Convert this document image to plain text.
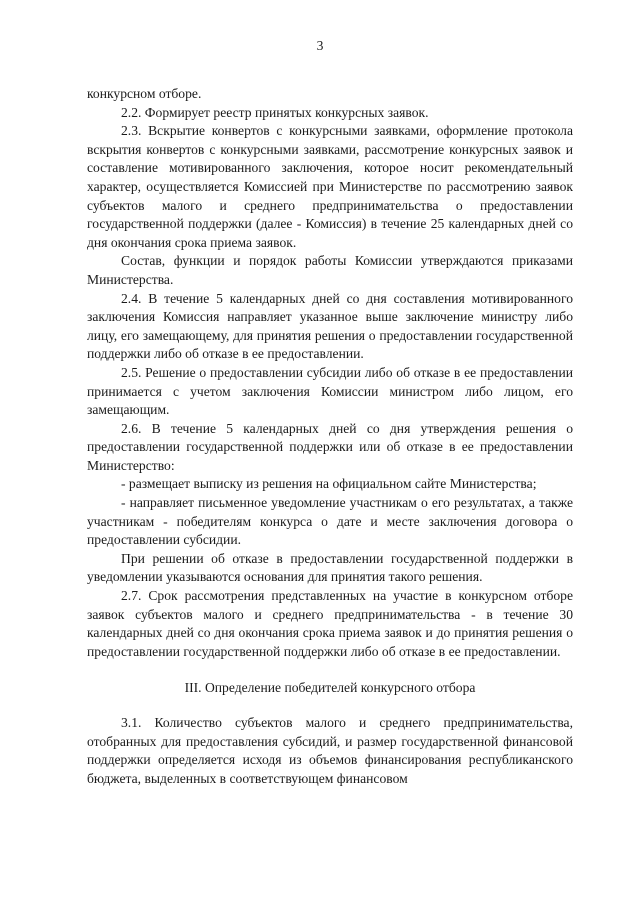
3

конкурсном отборе.

2.2. Формирует реестр принятых конкурсных заявок.

2.3. Вскрытие конвертов с конкурсными заявками, оформление протокола вскрытия конвертов с конкурсными заявками, рассмотрение конкурсных заявок и составление мотивированного заключения, которое носит рекомендательный характер, осуществляется Комиссией при Министерстве по рассмотрению заявок субъектов малого и среднего предпринимательства о предоставлении государственной поддержки (далее - Комиссия) в течение 25 календарных дней со дня окончания срока приема заявок.

Состав, функции и порядок работы Комиссии утверждаются приказами Министерства.

2.4. В течение 5 календарных дней со дня составления мотивированного заключения Комиссия направляет указанное выше заключение министру либо лицу, его замещающему, для принятия решения о предоставлении государственной поддержки либо об отказе в ее предоставлении.

2.5. Решение о предоставлении субсидии либо об отказе в ее предоставлении принимается с учетом заключения Комиссии министром либо лицом, его замещающим.

2.6. В течение 5 календарных дней со дня утверждения решения о предоставлении государственной поддержки или об отказе в ее предоставлении Министерство:

- размещает выписку из решения на официальном сайте Министерства;

- направляет письменное уведомление участникам о его результатах, а также участникам - победителям конкурса о дате и месте заключения договора о предоставлении субсидии.

При решении об отказе в предоставлении государственной поддержки в уведомлении указываются основания для принятия такого решения.

2.7. Срок рассмотрения представленных на участие в конкурсном отборе заявок субъектов малого и среднего предпринимательства - в течение 30 календарных дней со дня окончания срока приема заявок и до принятия решения о предоставлении государственной поддержки либо об отказе в ее предоставлении.

III. Определение победителей конкурсного отбора

3.1. Количество субъектов малого и среднего предпринимательства, отобранных для предоставления субсидий, и размер государственной финансовой поддержки определяется исходя из объемов финансирования республиканского бюджета, выделенных в соответствующем финансовом
